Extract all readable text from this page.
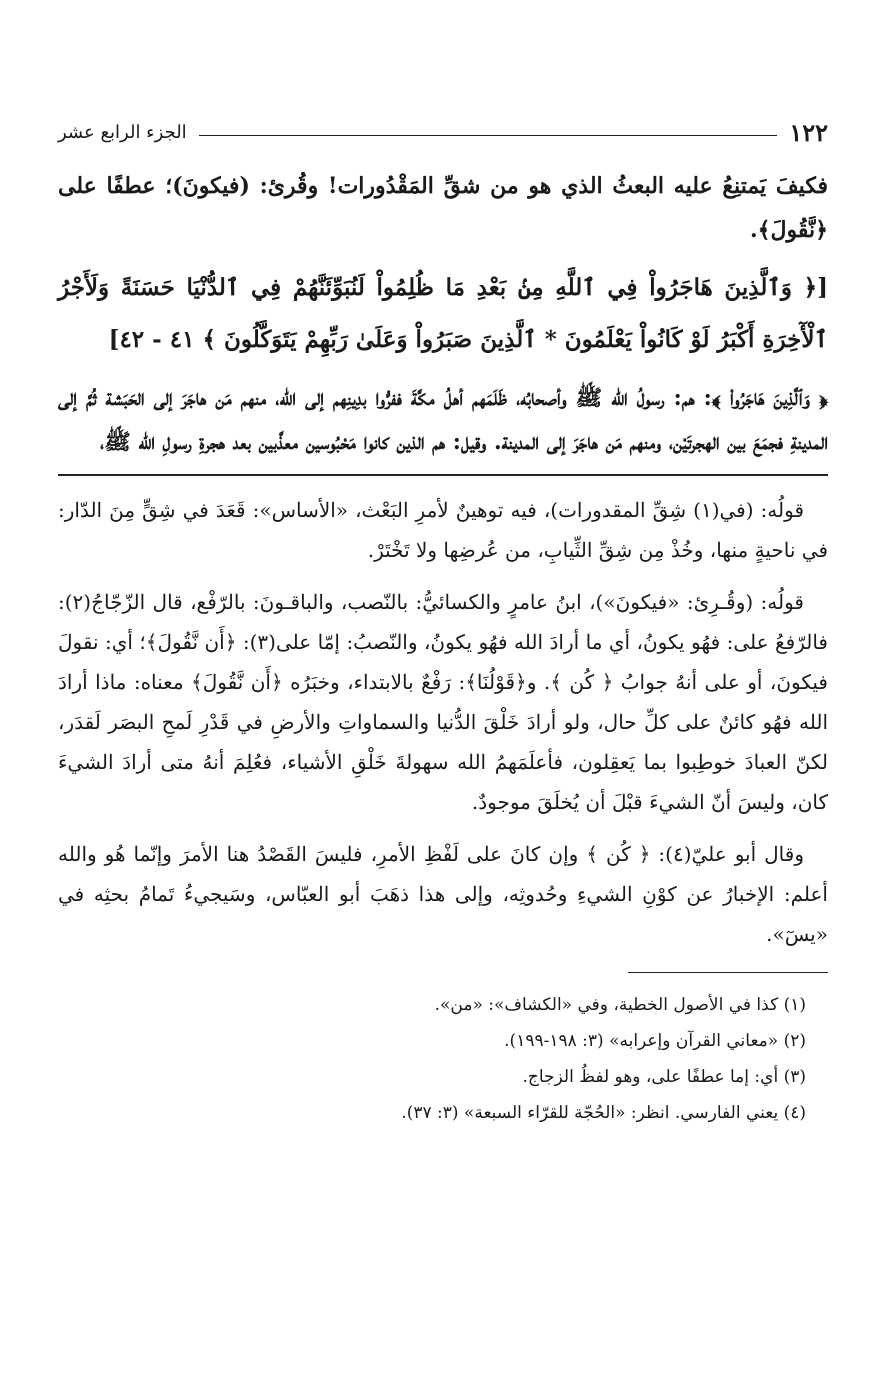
١٢٢
الجزء الرابع عشر

فكيفَ يَمتنِعُ عليه البعثُ الذي هو من شقِّ المَقْدُورات! وقُرئ: (فيكونَ)؛ عطفًا على ﴿نَّقُولَ﴾.

[﴿ وَٱلَّذِينَ هَاجَرُواْ فِي ٱللَّهِ مِنۢ بَعْدِ مَا ظُلِمُواْ لَنُبَوِّئَنَّهُمْ فِي ٱلدُّنْيَا حَسَنَةً وَلَأَجْرُ ٱلْأٓخِرَةِ أَكْبَرُ لَوْ كَانُواْ يَعْلَمُونَ * ٱلَّذِينَ صَبَرُواْ وَعَلَىٰ رَبِّهِمْ يَتَوَكَّلُونَ ﴾ ٤١ - ٤٢]

﴿ وَٱلَّذِينَ هَاجَرُواْ ﴾: هم: رسولُ الله ﷺ وأصحابُه، ظَلَمَهم أهلُ مكَّةَ ففرُّوا بدِينِهم إلى الله، منهم مَن هاجَرَ إلى الحَبَشة ثُمَّ إلى المدينةِ فجمَعَ بين الهجرتَيْن، ومنهم مَن هاجَرَ إلى المدينة. وقيل: هم الذين كانوا مَحْبُوسين معذَّبين بعد هجرةِ رسولِ الله ﷺ،

قولُه: (في(١) شِقِّ المقدورات)، فيه توهينٌ لأمرِ البَعْث، «الأساس»: قَعَدَ في شِقٍّ مِنَ الدّار: في ناحيةٍ منها، وخُذْ مِن شِقِّ الثِّيابِ، من عُرضِها ولا تَخْتَرْ.

قولُه: (وقُـرِئ: «فيكونَ»)، ابنُ عامرٍ والكسائيُّ: بالنّصب، والباقـونَ: بالرّفْع، قال الزّجّاجُ(٢): فالرّفعُ على: فهُو يكونُ، أي ما أرادَ الله فهُو يكونُ، والنّصبُ: إمّا على(٣): ﴿أَن نَّقُولَ﴾؛ أي: نقولَ فيكونَ، أو على أنهُ جوابُ ﴿ كُن ﴾. و﴿قَوْلُنَا﴾: رَفْعٌ بالابتداء، وخبَرُه ﴿أَن نَّقُولَ﴾ معناه: ماذا أرادَ الله فهُو كائنٌ على كلِّ حال، ولو أرادَ خَلْقَ الدُّنيا والسماواتِ والأرضِ في قَدْرِ لَمحِ البصَر لَقدَر، لكنّ العبادَ خوطِبوا بما يَعقِلون، فأعلَمَهمُ الله سهولةَ خَلْقِ الأشياء، فعُلِمَ أنهُ متى أرادَ الشيءَ كان، وليسَ أنّ الشيءَ قبْلَ أن يُخلَقَ موجودٌ.

وقال أبو عليّ(٤): ﴿ كُن ﴾ وإن كانَ على لَفْظِ الأمرِ، فليسَ القَصْدُ هنا الأمرَ وإنّما هُو والله أعلم: الإخبارُ عن كوْنِ الشيءِ وحُدوثِه، وإلى هذا ذهَبَ أبو العبّاس، وسَيجيءُ تَمامُ بحثِه في «يسٓ».

(١) كذا في الأصول الخطية، وفي «الكشاف»: «من».

(٢) «معاني القرآن وإعرابه» (٣: ١٩٨-١٩٩).

(٣) أي: إما عطفًا على، وهو لفظُ الزجاج.

(٤) يعني الفارسي. انظر: «الحُجّة للقرّاء السبعة» (٣: ٣٧).
